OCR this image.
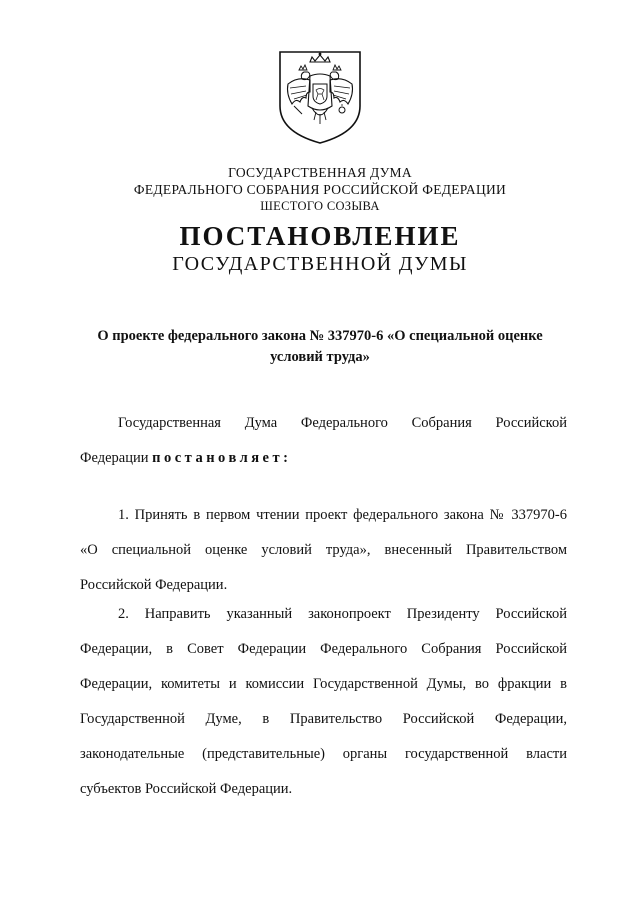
ГОСУДАРСТВЕННАЯ ДУМА
ФЕДЕРАЛЬНОГО СОБРАНИЯ РОССИЙСКОЙ ФЕДЕРАЦИИ
ШЕСТОГО СОЗЫВА
ПОСТАНОВЛЕНИЕ
ГОСУДАРСТВЕННОЙ ДУМЫ
О проекте федерального закона № 337970-6 «О специальной оценке
условий труда»
Государственная Дума Федерального Собрания Российской
Федерации постановляет:
1. Принять в первом чтении проект федерального закона № 337970-6
«О специальной оценке условий труда», внесенный Правительством
Российской Федерации.
2. Направить указанный законопроект Президенту Российской
Федерации, в Совет Федерации Федерального Собрания Российской
Федерации, комитеты и комиссии Государственной Думы, во фракции в
Государственной Думе, в Правительство Российской Федерации,
законодательные (представительные) органы государственной власти
субъектов Российской Федерации.
